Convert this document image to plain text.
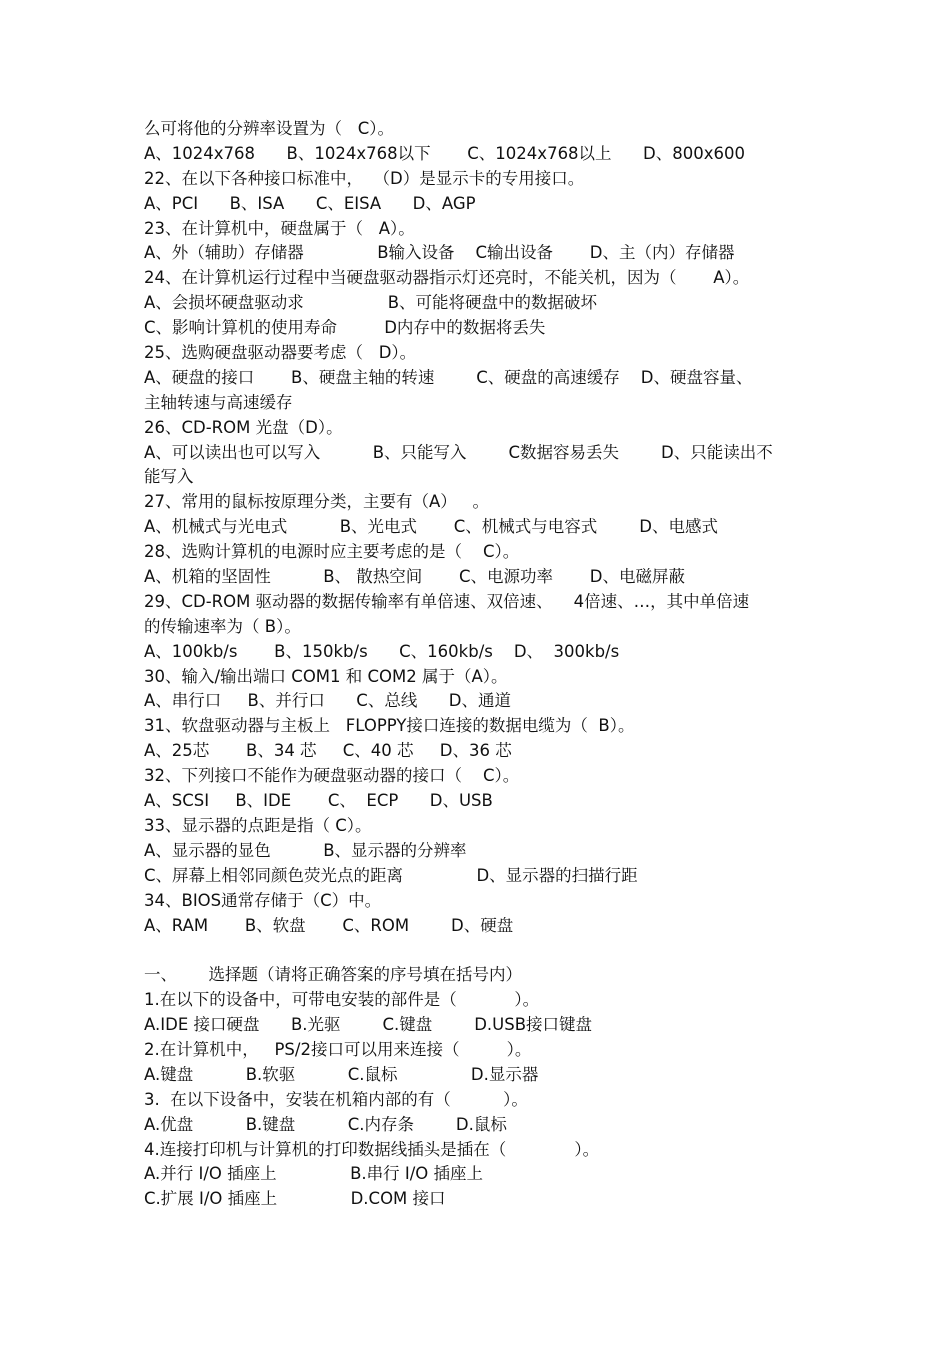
么可将他的分辨率设置为（   C）。
A、1024x768      B、1024x768以下       C、1024x768以上      D、800x600
22、在以下各种接口标准中，  （D）是显示卡的专用接口。
A、PCI      B、ISA      C、EISA      D、AGP
23、在计算机中，硬盘属于（   A）。
A、外（辅助）存储器              B输入设备    C输出设备       D、主（内）存储器
24、在计算机运行过程中当硬盘驱动器指示灯还亮时，不能关机，因为（       A）。
A、会损坏硬盘驱动求                B、可能将硬盘中的数据破坏
C、影响计算机的使用寿命         D内存中的数据将丢失
25、选购硬盘驱动器要考虑（   D）。
A、硬盘的接口       B、硬盘主轴的转速        C、硬盘的高速缓存    D、硬盘容量、
主轴转速与高速缓存
26、CD-ROM 光盘（D）。
A、可以读出也可以写入          B、只能写入        C数据容易丢失        D、只能读出不
能写入
27、常用的鼠标按原理分类，主要有（A）   。
A、机械式与光电式          B、光电式       C、机械式与电容式        D、电感式
28、选购计算机的电源时应主要考虑的是（    C）。
A、机箱的坚固性          B、 散热空间       C、电源功率       D、电磁屏蔽
29、CD-ROM 驱动器的数据传输率有单倍速、双倍速、    4倍速、…，其中单倍速
的传输速率为（ B）。
A、100kb/s       B、150kb/s      C、160kb/s    D、  300kb/s
30、输入/输出端口 COM1 和 COM2 属于（A）。
A、串行口     B、并行口      C、总线      D、通道
31、软盘驱动器与主板上   FLOPPY接口连接的数据电缆为（  B）。
A、25芯       B、34 芯     C、40 芯     D、36 芯
32、下列接口不能作为硬盘驱动器的接口（    C）。
A、SCSI     B、IDE       C、  ECP      D、USB
33、显示器的点距是指（ C）。
A、显示器的显色          B、显示器的分辨率
C、屏幕上相邻同颜色荧光点的距离              D、显示器的扫描行距
34、BIOS通常存储于（C）中。
A、RAM       B、软盘       C、ROM        D、硬盘
一、      选择题（请将正确答案的序号填在括号内）
1.在以下的设备中，可带电安装的部件是（           ）。
A.IDE 接口硬盘      B.光驱        C.键盘        D.USB接口键盘
2.在计算机中，   PS/2接口可以用来连接（         ）。
A.键盘          B.软驱          C.鼠标              D.显示器
3.  在以下设备中，安装在机箱内部的有（          ）。
A.优盘          B.键盘          C.内存条        D.鼠标
4.连接打印机与计算机的打印数据线插头是插在（             ）。
A.并行 I/O 插座上              B.串行 I/O 插座上
C.扩展 I/O 插座上              D.COM 接口
